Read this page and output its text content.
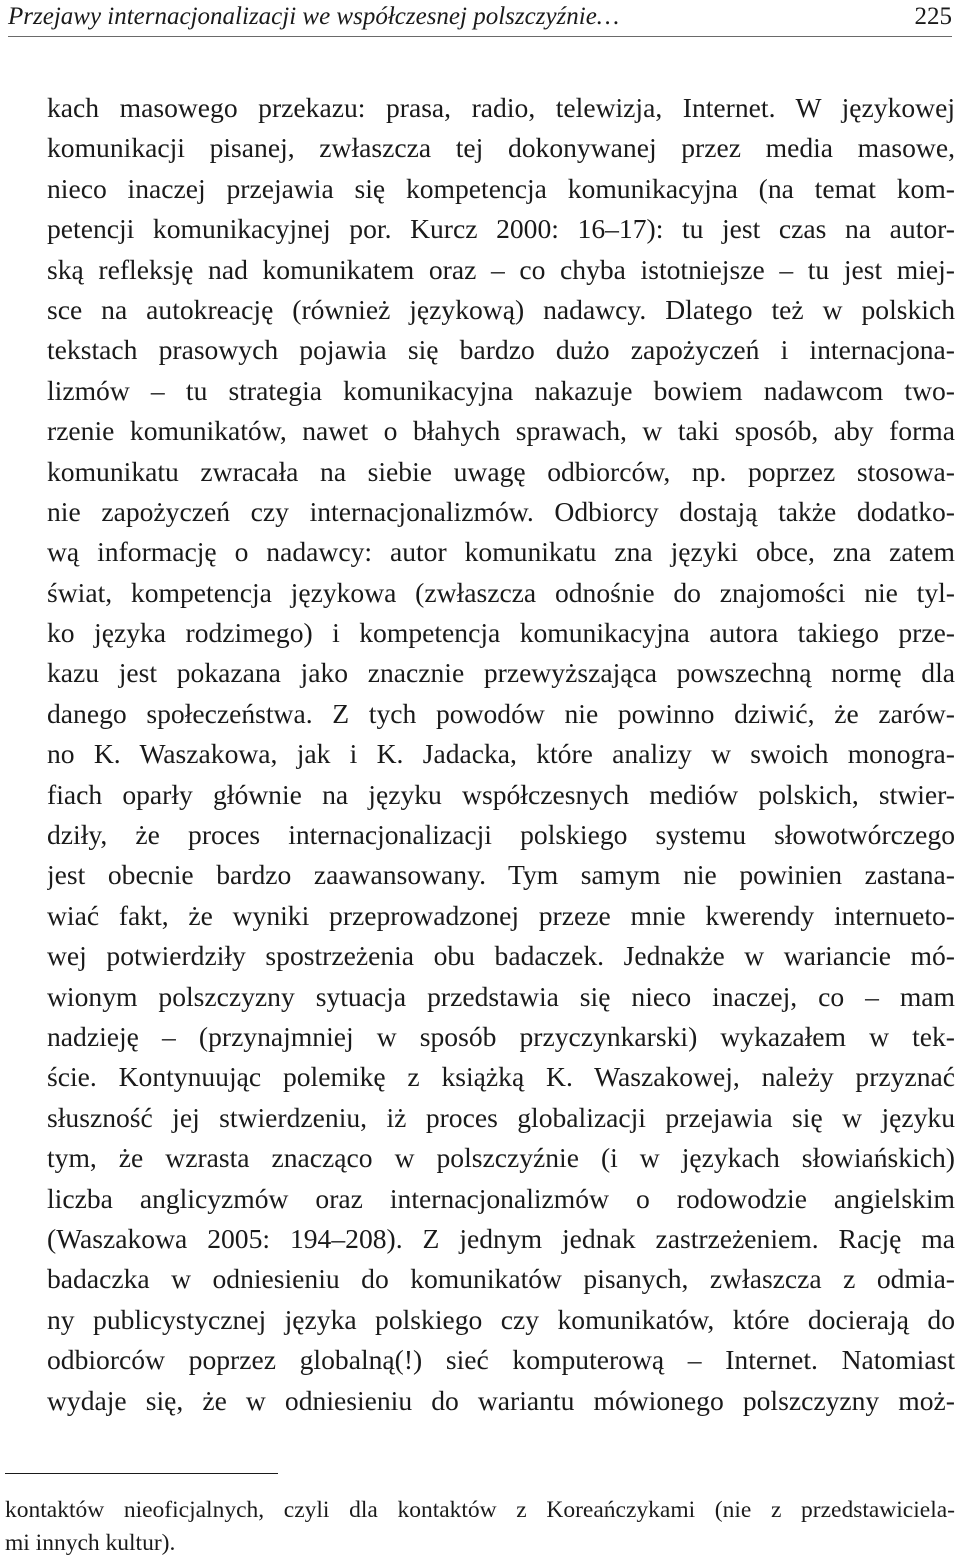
Przejawy internacjonalizacji we współczesnej polszczyźnie…	225
kach masowego przekazu: prasa, radio, telewizja, Internet. W językowej
komunikacji pisanej, zwłaszcza tej dokonywanej przez media masowe,
nieco inaczej przejawia się kompetencja komunikacyjna (na temat kom-
petencji komunikacyjnej por. Kurcz 2000: 16–17): tu jest czas na autor-
ską refleksję nad komunikatem oraz – co chyba istotniejsze – tu jest miej-
sce na autokreację (również językową) nadawcy. Dlatego też w polskich
tekstach prasowych pojawia się bardzo dużo zapożyczeń i internacjona-
lizmów – tu strategia komunikacyjna nakazuje bowiem nadawcom two-
rzenie komunikatów, nawet o błahych sprawach, w taki sposób, aby forma
komunikatu zwracała na siebie uwagę odbiorców, np. poprzez stosowa-
nie zapożyczeń czy internacjonalizmów. Odbiorcy dostają także dodatko-
wą informację o nadawcy: autor komunikatu zna języki obce, zna zatem
świat, kompetencja językowa (zwłaszcza odnośnie do znajomości nie tyl-
ko języka rodzimego) i kompetencja komunikacyjna autora takiego prze-
kazu jest pokazana jako znacznie przewyższająca powszechną normę dla
danego społeczeństwa. Z tych powodów nie powinno dziwić, że zarów-
no K. Waszakowa, jak i K. Jadacka, które analizy w swoich monogra-
fiach oparły głównie na języku współczesnych mediów polskich, stwier-
dziły, że proces internacjonalizacji polskiego systemu słowotwórczego
jest obecnie bardzo zaawansowany. Tym samym nie powinien zastana-
wiać fakt, że wyniki przeprowadzonej przeze mnie kwerendy internueto-
wej potwierdziły spostrzeżenia obu badaczek. Jednakże w wariancie mó-
wionym polszczyzny sytuacja przedstawia się nieco inaczej, co – mam
nadzieję – (przynajmniej w sposób przyczynkarski) wykazałem w tek-
ście. Kontynuując polemikę z książką K. Waszakowej, należy przyznać
słuszność jej stwierdzeniu, iż proces globalizacji przejawia się w języku
tym, że wzrasta znacząco w polszczyźnie (i w językach słowiańskich)
liczba anglicyzmów oraz internacjonalizmów o rodowodzie angielskim
(Waszakowa 2005: 194–208). Z jednym jednak zastrzeżeniem. Rację ma
badaczka w odniesieniu do komunikatów pisanych, zwłaszcza z odmia-
ny publicystycznej języka polskiego czy komunikatów, które docierają do
odbiorców poprzez globalną(!) sieć komputerową – Internet. Natomiast
wydaje się, że w odniesieniu do wariantu mówionego polszczyzny moż-
kontaktów nieoficjalnych, czyli dla kontaktów z Koreańczykami (nie z przedstawiciela-
mi innych kultur).
